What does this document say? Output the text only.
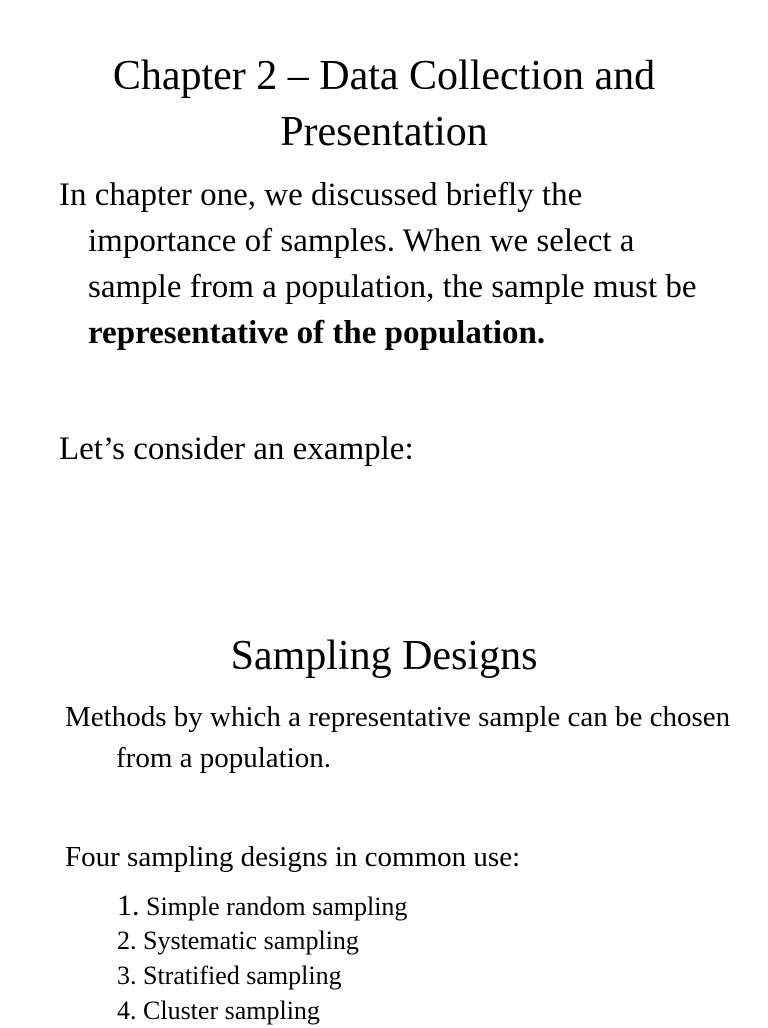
Chapter 2 – Data Collection and
Presentation

In chapter one, we discussed briefly the importance of samples. When we select a sample from a population, the sample must be representative of the population.

Let’s consider an example:

Sampling Designs

Methods by which a representative sample can be chosen from a population.

Four sampling designs in common use:

1. Simple random sampling
2. Systematic sampling
3. Stratified sampling
4. Cluster sampling
